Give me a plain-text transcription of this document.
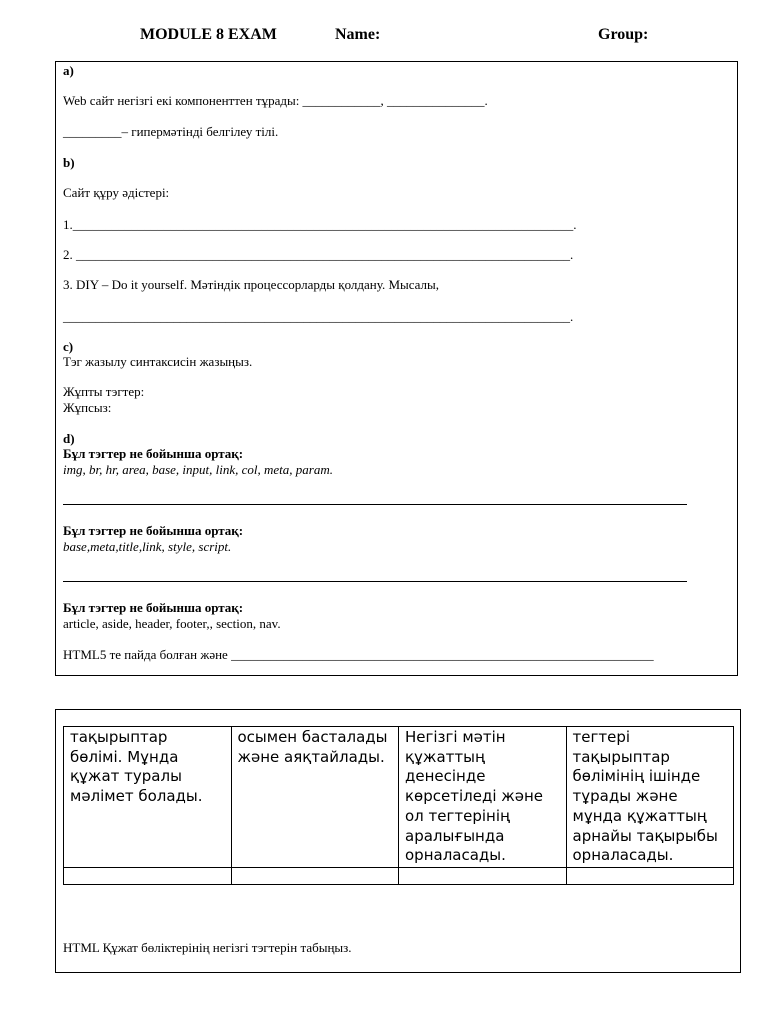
MODULE 8 EXAM	Name:	Group:
a)
Web сайт негізгі екі компоненттен тұрады: ____________, _______________.
_________– гипермәтінді белгілеу тілі.
b)
Сайт құру әдістері:
1._____________________________________________________________________________.
2. ____________________________________________________________________________.
3. DIY – Do it yourself. Мәтіндік процессорларды қолдану. Мысалы,
______________________________________________________________________________.
c)
Тэг жазылу синтаксисін жазыңыз.
Жұпты тэгтер:
Жұпсыз:
d)
Бұл тэгтер не бойынша ортақ:
img, br, hr, area, base, input, link, col, meta, param.
Бұл тэгтер не бойынша ортақ:
base,meta,title,link, style, script.
Бұл тэгтер не бойынша ортақ:
article, aside, header, footer,, section, nav.
HTML5 те пайда болған және _________________________________________________________________
тақырыптар бөлімі. Мұнда құжат туралы мәлімет болады.	осымен басталады және аяқтайлады.	Негізгі мәтін құжаттың денесінде көрсетіледі және ол тегтерінің аралығында орналасады.	тегтері тақырыптар бөлімінің ішінде тұрады және мұнда құжаттың арнайы тақырыбы орналасады.

HTML Құжат бөліктерінің негізгі тэгтерін табыңыз.
